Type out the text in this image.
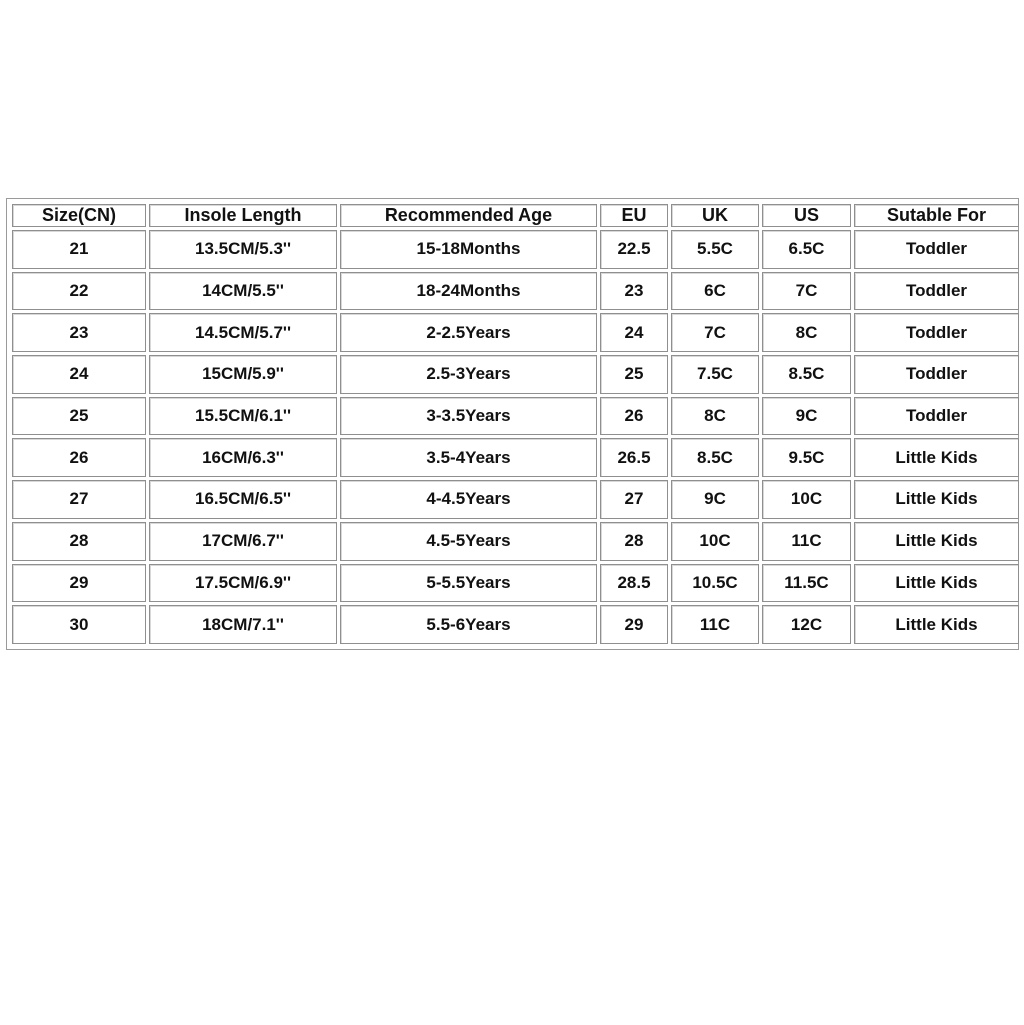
Size(CN)	Insole Length	Recommended Age	EU	UK	US	Sutable For
21	13.5CM/5.3''	15-18Months	22.5	5.5C	6.5C	Toddler
22	14CM/5.5''	18-24Months	23	6C	7C	Toddler
23	14.5CM/5.7''	2-2.5Years	24	7C	8C	Toddler
24	15CM/5.9''	2.5-3Years	25	7.5C	8.5C	Toddler
25	15.5CM/6.1''	3-3.5Years	26	8C	9C	Toddler
26	16CM/6.3''	3.5-4Years	26.5	8.5C	9.5C	Little Kids
27	16.5CM/6.5''	4-4.5Years	27	9C	10C	Little Kids
28	17CM/6.7''	4.5-5Years	28	10C	11C	Little Kids
29	17.5CM/6.9''	5-5.5Years	28.5	10.5C	11.5C	Little Kids
30	18CM/7.1''	5.5-6Years	29	11C	12C	Little Kids
